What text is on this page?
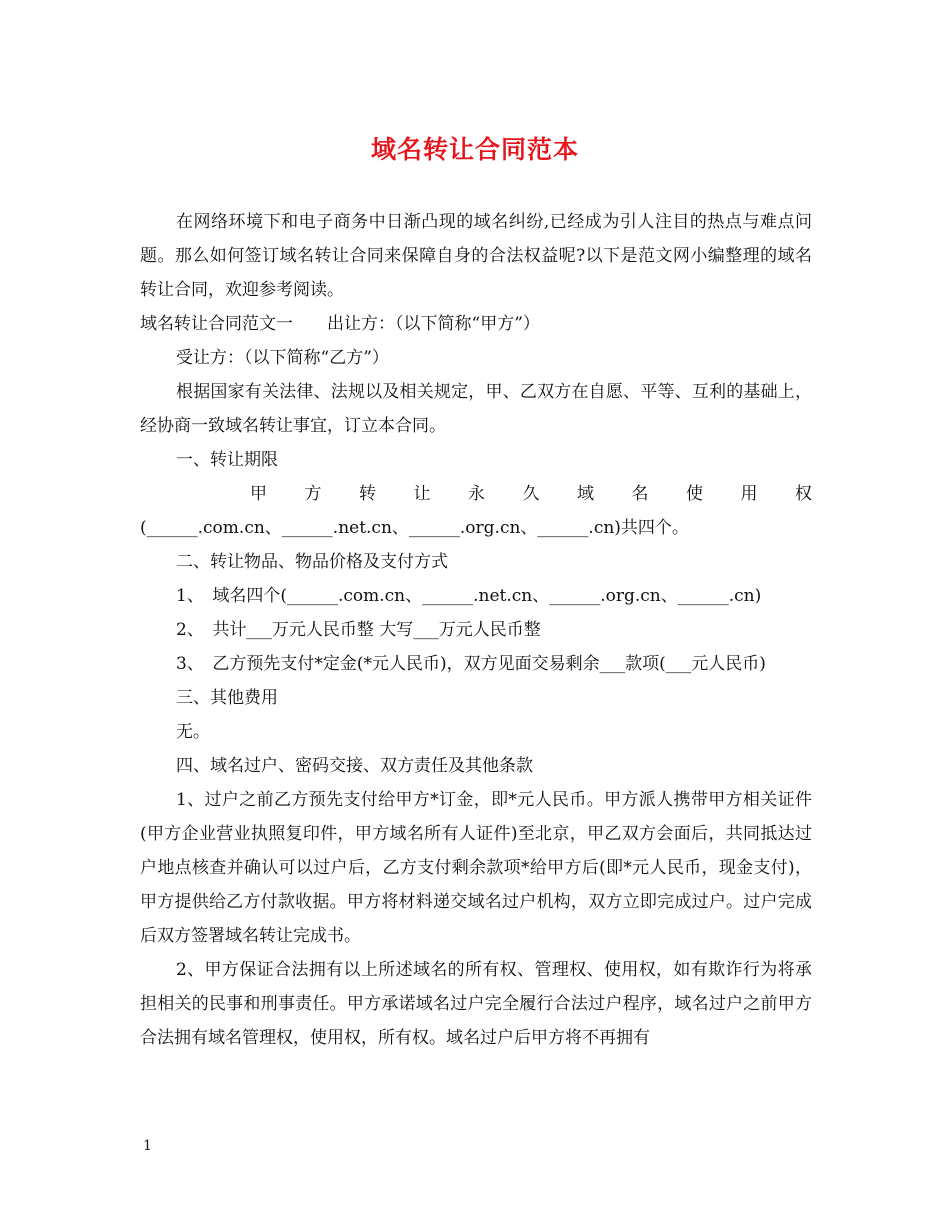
域名转让合同范本

在网络环境下和电子商务中日渐凸现的域名纠纷,已经成为引人注目的热点与难点问题。那么如何签订域名转让合同来保障自身的合法权益呢?以下是范文网小编整理的域名转让合同，欢迎参考阅读。

域名转让合同范文一　　出让方：（以下简称“甲方”）

受让方：（以下简称“乙方”）

根据国家有关法律、法规以及相关规定，甲、乙双方在自愿、平等、互利的基础上，经协商一致域名转让事宜，订立本合同。

一、转让期限

甲 方 转 让 永 久 域 名 使 用 权

(______.com.cn、______.net.cn、______.org.cn、______.cn)共四个。

二、转让物品、物品价格及支付方式

1、　域名四个(______.com.cn、______.net.cn、______.org.cn、______.cn)

2、　共计___万元人民币整 大写___万元人民币整

3、　乙方预先支付*定金(*元人民币)，双方见面交易剩余___款项(___元人民币)

三、其他费用

无。

四、域名过户、密码交接、双方责任及其他条款

1、过户之前乙方预先支付给甲方*订金，即*元人民币。甲方派人携带甲方相关证件(甲方企业营业执照复印件，甲方域名所有人证件)至北京，甲乙双方会面后，共同抵达过户地点核查并确认可以过户后，乙方支付剩余款项*给甲方后(即*元人民币，现金支付)，甲方提供给乙方付款收据。甲方将材料递交域名过户机构，双方立即完成过户。过户完成后双方签署域名转让完成书。

2、甲方保证合法拥有以上所述域名的所有权、管理权、使用权，如有欺诈行为将承担相关的民事和刑事责任。甲方承诺域名过户完全履行合法过户程序，域名过户之前甲方合法拥有域名管理权，使用权，所有权。域名过户后甲方将不再拥有

1
